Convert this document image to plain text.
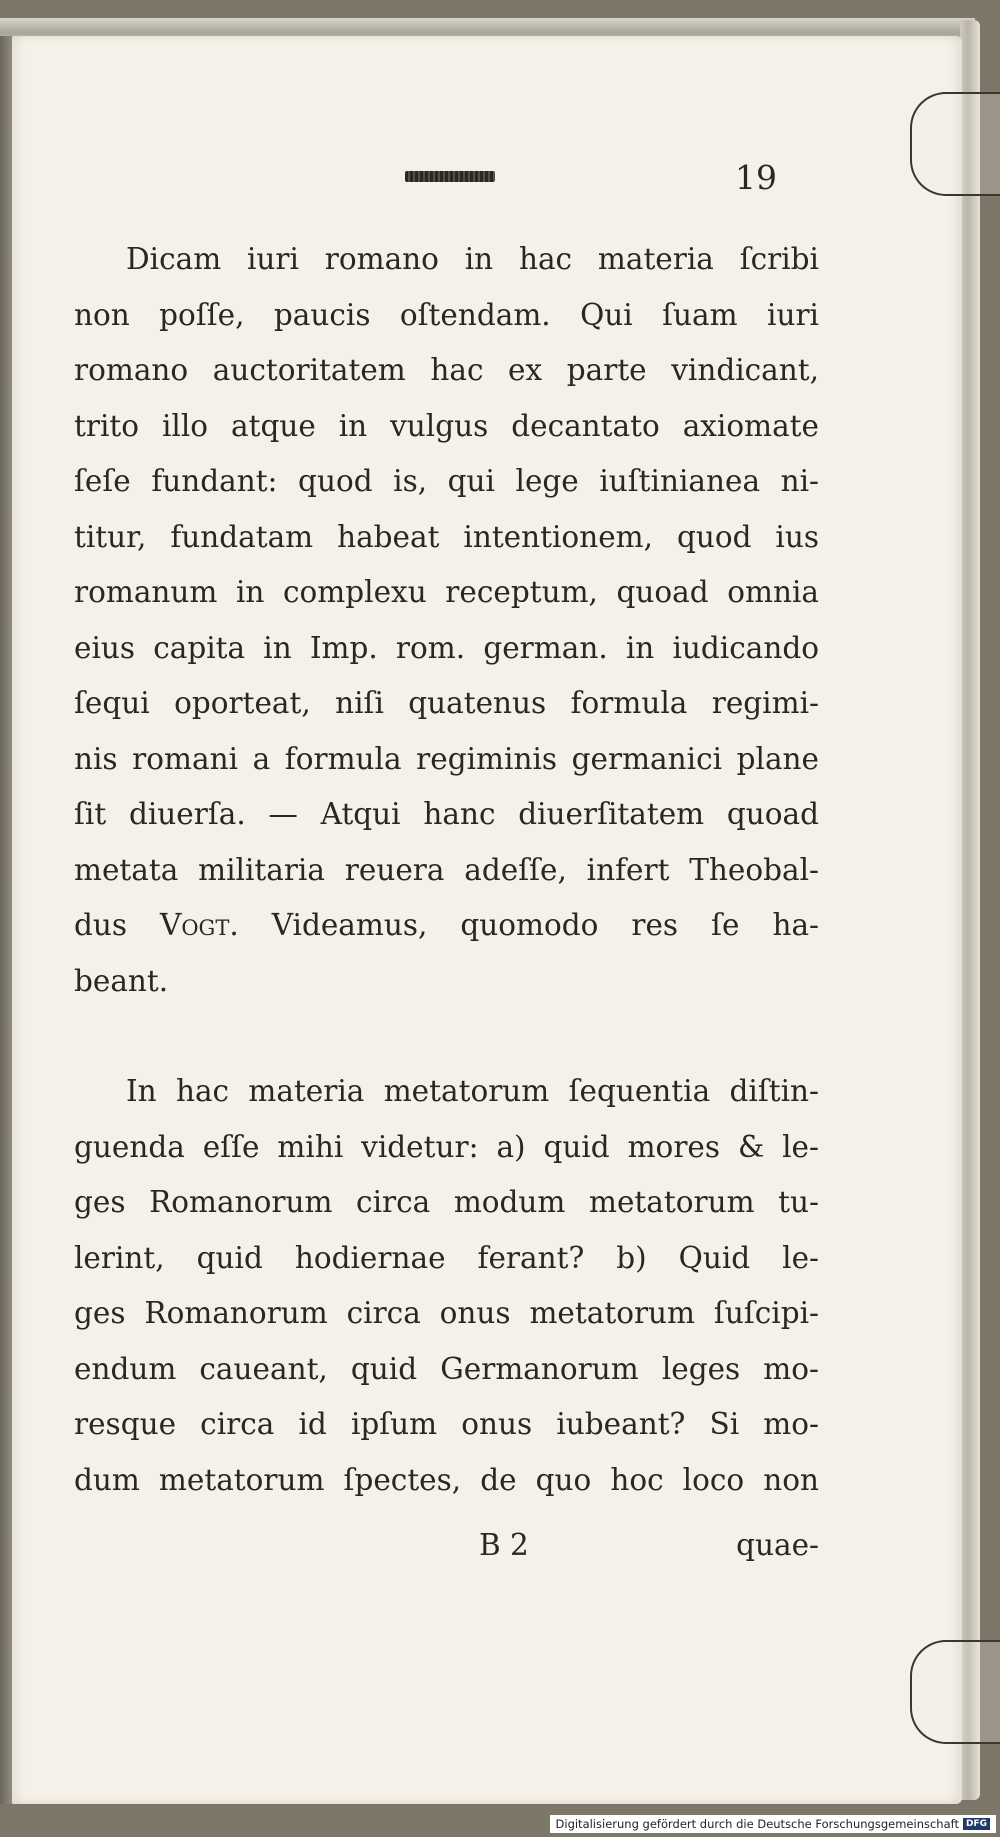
19
Dicam iuri romano in hac materia ſcribi
non poſſe, paucis oſtendam. Qui ſuam iuri
romano auctoritatem hac ex parte vindicant,
trito illo atque in vulgus decantato axiomate
ſeſe fundant: quod is, qui lege iuſtinianea ni-
titur, fundatam habeat intentionem, quod ius
romanum in complexu receptum, quoad omnia
eius capita in Imp. rom. german. in iudicando
ſequi oporteat, niſi quatenus formula regimi-
nis romani a formula regiminis germanici plane
ſit diuerſa. — Atqui hanc diuerſitatem quoad
metata militaria reuera adeſſe, infert Theobal-
dus Vogt. Videamus, quomodo res ſe ha-
beant.
In hac materia metatorum ſequentia diſtin-
guenda eſſe mihi videtur: a) quid mores & le-
ges Romanorum circa modum metatorum tu-
lerint, quid hodiernae ferant? b) Quid le-
ges Romanorum circa onus metatorum ſuſcipi-
endum caueant, quid Germanorum leges mo-
resque circa id ipſum onus iubeant? Si mo-
dum metatorum ſpectes, de quo hoc loco non
B 2	quae-
Digitalisierung gefördert durch die Deutsche Forschungsgemeinschaft DFG
